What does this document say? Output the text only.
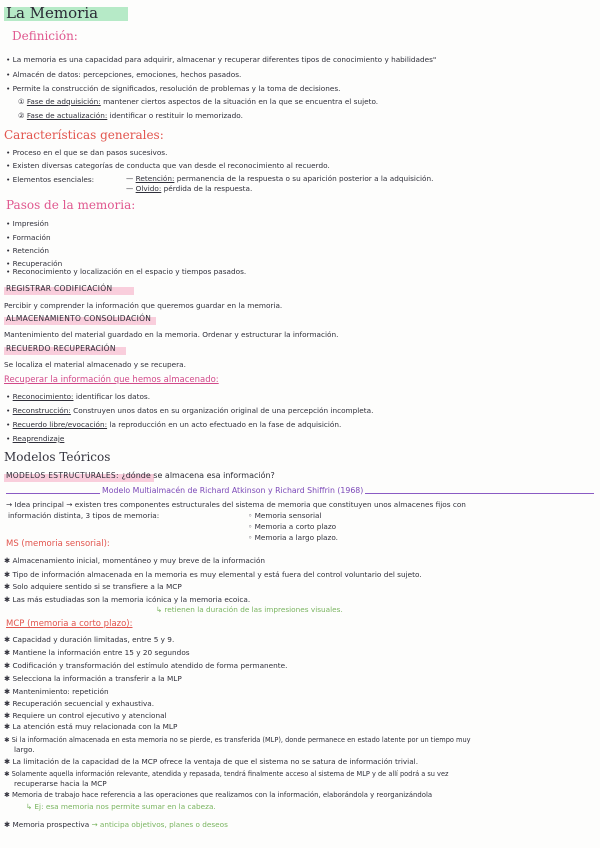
La Memoria
Definición:
• La memoria es una capacidad para adquirir, almacenar y recuperar diferentes tipos de conocimiento y habilidades"
• Almacén de datos: percepciones, emociones, hechos pasados.
• Permite la construcción de significados, resolución de problemas y la toma de decisiones.
① Fase de adquisición: mantener ciertos aspectos de la situación en la que se encuentra el sujeto.
② Fase de actualización: identificar o restituir lo memorizado.
Características generales:
• Proceso en el que se dan pasos sucesivos.
• Existen diversas categorías de conducta que van desde el reconocimiento al recuerdo.
• Elementos esenciales:	— Retención: permanencia de la respuesta o su aparición posterior a la adquisición.
— Olvido: pérdida de la respuesta.
Pasos de la memoria:
• Impresión
• Formación
• Retención
• Recuperación
• Reconocimiento y localización en el espacio y tiempos pasados.
REGISTRAR CODIFICACIÓN
Percibir y comprender la información que queremos guardar en la memoria.
ALMACENAMIENTO CONSOLIDACIÓN
Mantenimiento del material guardado en la memoria. Ordenar y estructurar la información.
RECUERDO RECUPERACIÓN
Se localiza el material almacenado y se recupera.
Recuperar la información que hemos almacenado:
• Reconocimiento: identificar los datos.
• Reconstrucción: Construyen unos datos en su organización original de una percepción incompleta.
• Recuerdo libre/evocación: la reproducción en un acto efectuado en la fase de adquisición.
• Reaprendizaje
Modelos Teóricos
MODELOS ESTRUCTURALES: ¿dónde se almacena esa información?
Modelo Multialmacén de Richard Atkinson y Richard Shiffrin (1968)
→ Idea principal → existen tres componentes estructurales del sistema de memoria que constituyen unos almacenes fijos con
información distinta, 3 tipos de memoria:	◦ Memoria sensorial
◦ Memoria a corto plazo
◦ Memoria a largo plazo.
MS (memoria sensorial):
✱ Almacenamiento inicial, momentáneo y muy breve de la información
✱ Tipo de información almacenada en la memoria es muy elemental y está fuera del control voluntario del sujeto.
✱ Solo adquiere sentido si se transfiere a la MCP
✱ Las más estudiadas son la memoria icónica y la memoria ecoica.
↳ retienen la duración de las impresiones visuales.
MCP (memoria a corto plazo):
✱ Capacidad y duración limitadas, entre 5 y 9.
✱ Mantiene la información entre 15 y 20 segundos
✱ Codificación y transformación del estímulo atendido de forma permanente.
✱ Selecciona la información a transferir a la MLP
✱ Mantenimiento: repetición
✱ Recuperación secuencial y exhaustiva.
✱ Requiere un control ejecutivo y atencional
✱ La atención está muy relacionada con la MLP
✱ Si la información almacenada en esta memoria no se pierde, es transferida (MLP), donde permanece en estado latente por un tiempo muy
largo.
✱ La limitación de la capacidad de la MCP ofrece la ventaja de que el sistema no se satura de información trivial.
✱ Solamente aquella información relevante, atendida y repasada, tendrá finalmente acceso al sistema de MLP y de allí podrá a su vez
recuperarse hacia la MCP
✱ Memoria de trabajo hace referencia a las operaciones que realizamos con la información, elaborándola y reorganizándola
↳ Ej: esa memoria nos permite sumar en la cabeza.
✱ Memoria prospectiva → anticipa objetivos, planes o deseos
